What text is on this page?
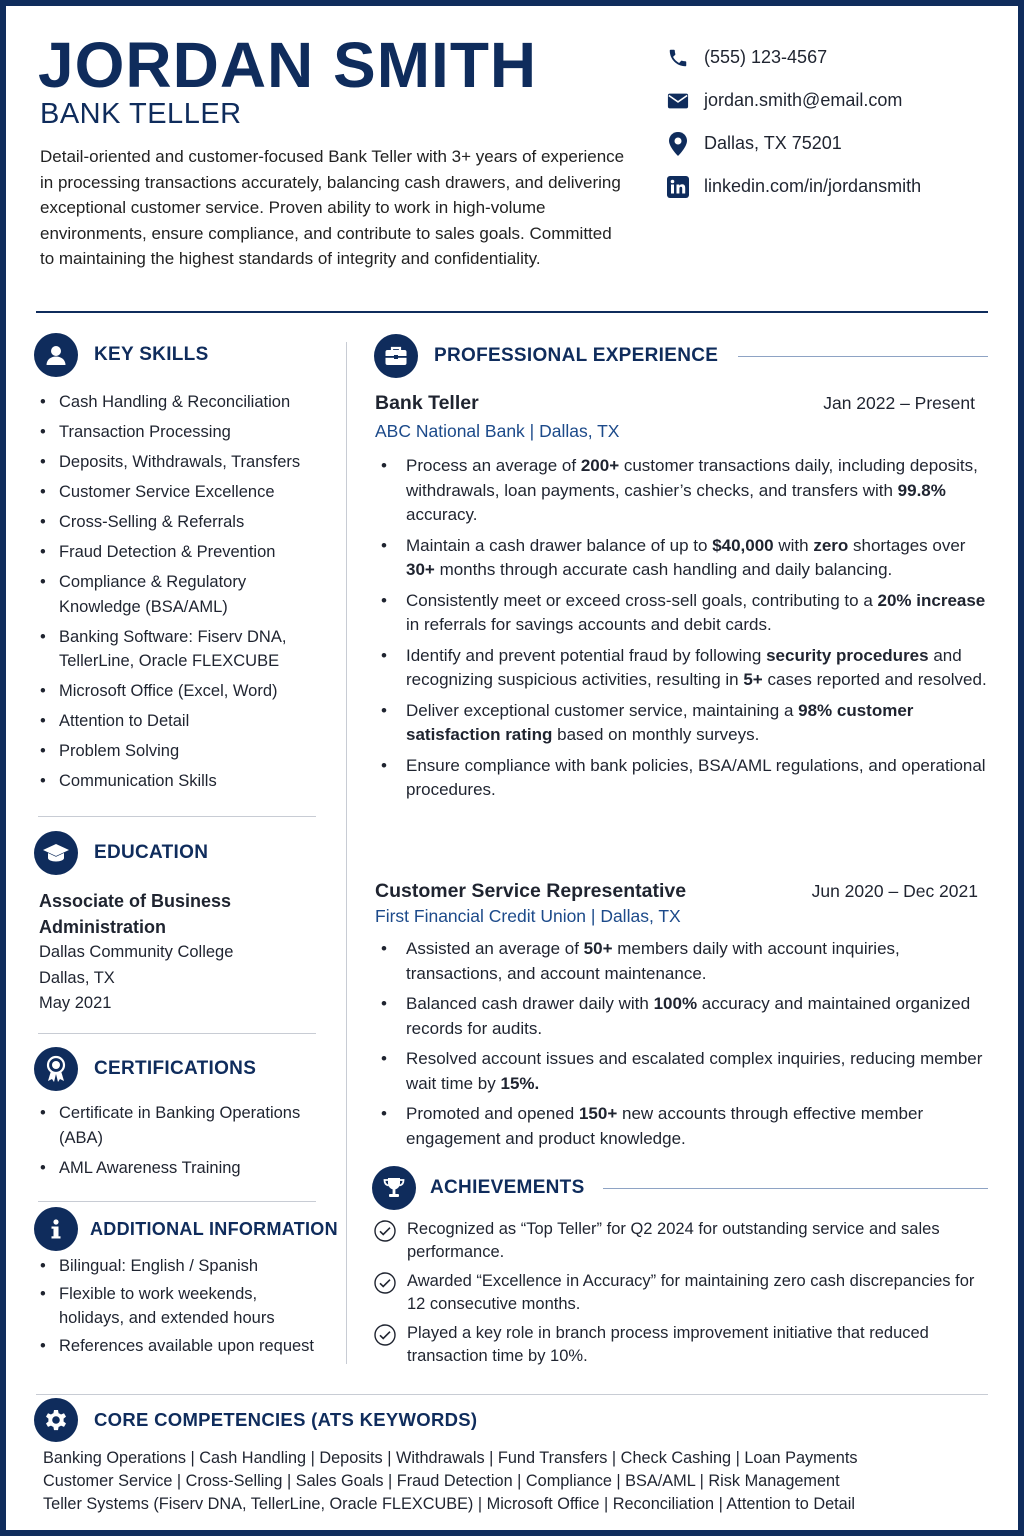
JORDAN SMITH
BANK TELLER

Detail-oriented and customer-focused Bank Teller with 3+ years of experience in processing transactions accurately, balancing cash drawers, and delivering exceptional customer service. Proven ability to work in high-volume environments, ensure compliance, and contribute to sales goals. Committed to maintaining the highest standards of integrity and confidentiality.

(555) 123-4567
jordan.smith@email.com
Dallas, TX 75201
linkedin.com/in/jordansmith
KEY SKILLS
• Cash Handling & Reconciliation
• Transaction Processing
• Deposits, Withdrawals, Transfers
• Customer Service Excellence
• Cross-Selling & Referrals
• Fraud Detection & Prevention
• Compliance & Regulatory Knowledge (BSA/AML)
• Banking Software: Fiserv DNA, TellerLine, Oracle FLEXCUBE
• Microsoft Office (Excel, Word)
• Attention to Detail
• Problem Solving
• Communication Skills
EDUCATION
Associate of Business Administration
Dallas Community College
Dallas, TX
May 2021
CERTIFICATIONS
• Certificate in Banking Operations (ABA)
• AML Awareness Training
ADDITIONAL INFORMATION
• Bilingual: English / Spanish
• Flexible to work weekends, holidays, and extended hours
• References available upon request
PROFESSIONAL EXPERIENCE
Bank Teller	Jan 2022 – Present
ABC National Bank | Dallas, TX
• Process an average of 200+ customer transactions daily, including deposits, withdrawals, loan payments, cashier’s checks, and transfers with 99.8% accuracy.
• Maintain a cash drawer balance of up to $40,000 with zero shortages over 30+ months through accurate cash handling and daily balancing.
• Consistently meet or exceed cross-sell goals, contributing to a 20% increase in referrals for savings accounts and debit cards.
• Identify and prevent potential fraud by following security procedures and recognizing suspicious activities, resulting in 5+ cases reported and resolved.
• Deliver exceptional customer service, maintaining a 98% customer satisfaction rating based on monthly surveys.
• Ensure compliance with bank policies, BSA/AML regulations, and operational procedures.
Customer Service Representative	Jun 2020 – Dec 2021
First Financial Credit Union | Dallas, TX
• Assisted an average of 50+ members daily with account inquiries, transactions, and account maintenance.
• Balanced cash drawer daily with 100% accuracy and maintained organized records for audits.
• Resolved account issues and escalated complex inquiries, reducing member wait time by 15%.
• Promoted and opened 150+ new accounts through effective member engagement and product knowledge.
ACHIEVEMENTS
Recognized as “Top Teller” for Q2 2024 for outstanding service and sales performance.
Awarded “Excellence in Accuracy” for maintaining zero cash discrepancies for 12 consecutive months.
Played a key role in branch process improvement initiative that reduced transaction time by 10%.
CORE COMPETENCIES (ATS KEYWORDS)
Banking Operations | Cash Handling | Deposits | Withdrawals | Fund Transfers | Check Cashing | Loan Payments
Customer Service | Cross-Selling | Sales Goals | Fraud Detection | Compliance | BSA/AML | Risk Management
Teller Systems (Fiserv DNA, TellerLine, Oracle FLEXCUBE) | Microsoft Office | Reconciliation | Attention to Detail
